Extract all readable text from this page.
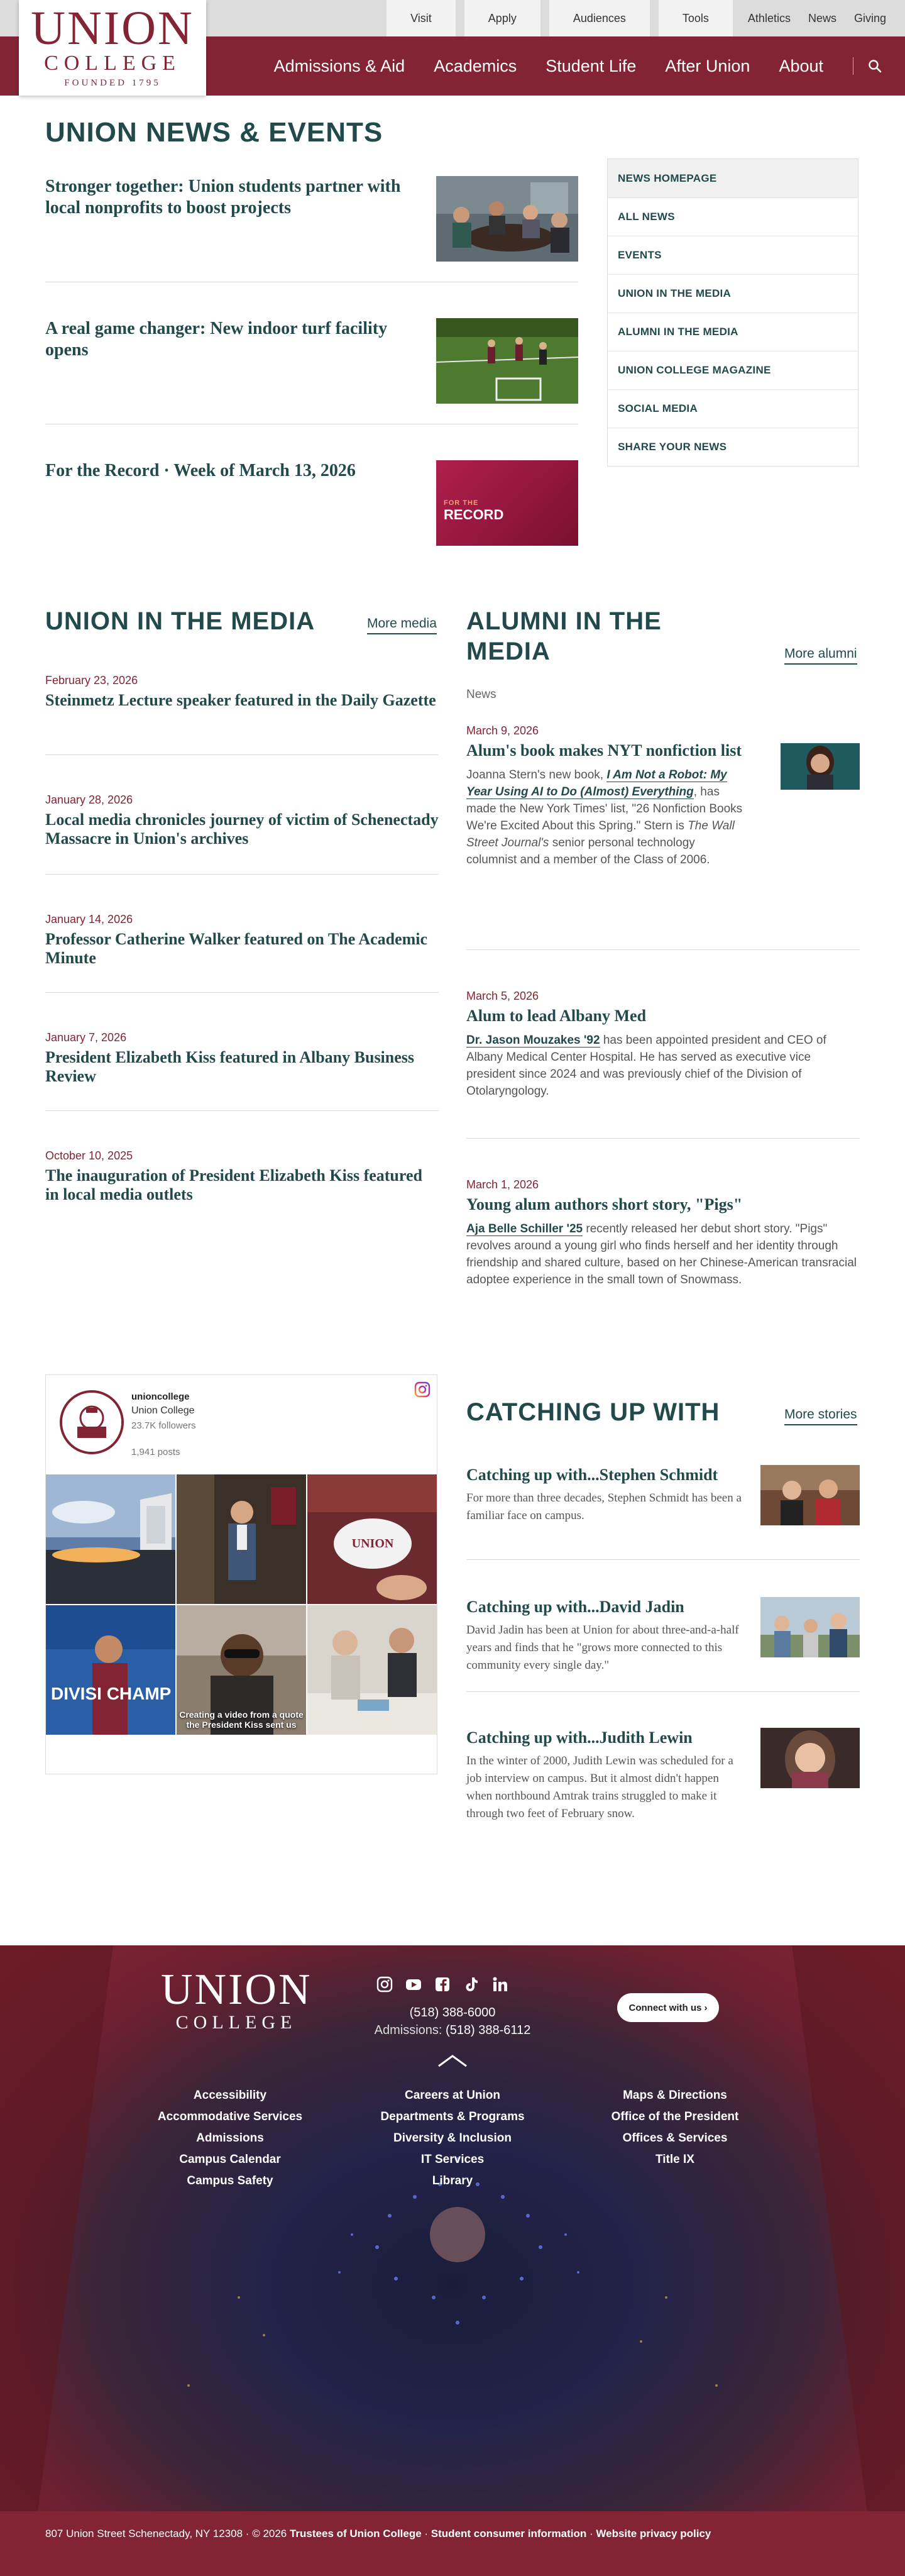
Visit	Apply	Audiences	Tools	Athletics News Giving
Admissions & Aid Academics Student Life After Union About
UNION
COLLEGE
FOUNDED 1795
UNION NEWS & EVENTS
Stronger together: Union students partner with local nonprofits to boost projects
A real game changer: New indoor turf facility opens
For the Record · Week of March 13, 2026
FOR THE
RECORD
NEWS HOMEPAGE
ALL NEWS
EVENTS
UNION IN THE MEDIA
ALUMNI IN THE MEDIA
UNION COLLEGE MAGAZINE
SOCIAL MEDIA
SHARE YOUR NEWS
UNION IN THE MEDIA	More media
February 23, 2026
Steinmetz Lecture speaker featured in the Daily Gazette
January 28, 2026
Local media chronicles journey of victim of Schenectady Massacre in Union's archives
January 14, 2026
Professor Catherine Walker featured on The Academic Minute
January 7, 2026
President Elizabeth Kiss featured in Albany Business Review
October 10, 2025
The inauguration of President Elizabeth Kiss featured in local media outlets
ALUMNI IN THE
MEDIA	More alumni
News
March 9, 2026
Alum's book makes NYT nonfiction list
Joanna Stern's new book, I Am Not a Robot: My Year Using AI to Do (Almost) Everything, has made the New York Times' list, "26 Nonfiction Books We're Excited About this Spring." Stern is The Wall Street Journal's senior personal technology columnist and a member of the Class of 2006.
March 5, 2026
Alum to lead Albany Med
Dr. Jason Mouzakes '92 has been appointed president and CEO of Albany Medical Center Hospital. He has served as executive vice president since 2024 and was previously chief of the Division of Otolaryngology.
March 1, 2026
Young alum authors short story, "Pigs"
Aja Belle Schiller '25 recently released her debut short story. "Pigs" revolves around a young girl who finds herself and her identity through friendship and shared culture, based on her Chinese-American transracial adoptee experience in the small town of Snowmass.
unioncollege
Union College
23.7K followers
1,941 posts
UNION
DIVISI CHAMP
Creating a video from a quote the President Kiss sent us
CATCHING UP WITH	More stories
Catching up with...Stephen Schmidt
For more than three decades, Stephen Schmidt has been a familiar face on campus.
Catching up with...David Jadin
David Jadin has been at Union for about three-and-a-half years and finds that he "grows more connected to this community every single day."
Catching up with...Judith Lewin
In the winter of 2000, Judith Lewin was scheduled for a job interview on campus. But it almost didn't happen when northbound Amtrak trains struggled to make it through two feet of February snow.
UNION
COLLEGE	(518) 388-6000
Admissions: (518) 388-6112
Connect with us ›
Accessibility
Accommodative Services
Admissions
Campus Calendar
Campus Safety
Careers at Union
Departments & Programs
Diversity & Inclusion
IT Services
Library
Maps & Directions
Office of the President
Offices & Services
Title IX
807 Union Street Schenectady, NY 12308 · © 2026 Trustees of Union College · Student consumer information · Website privacy policy
